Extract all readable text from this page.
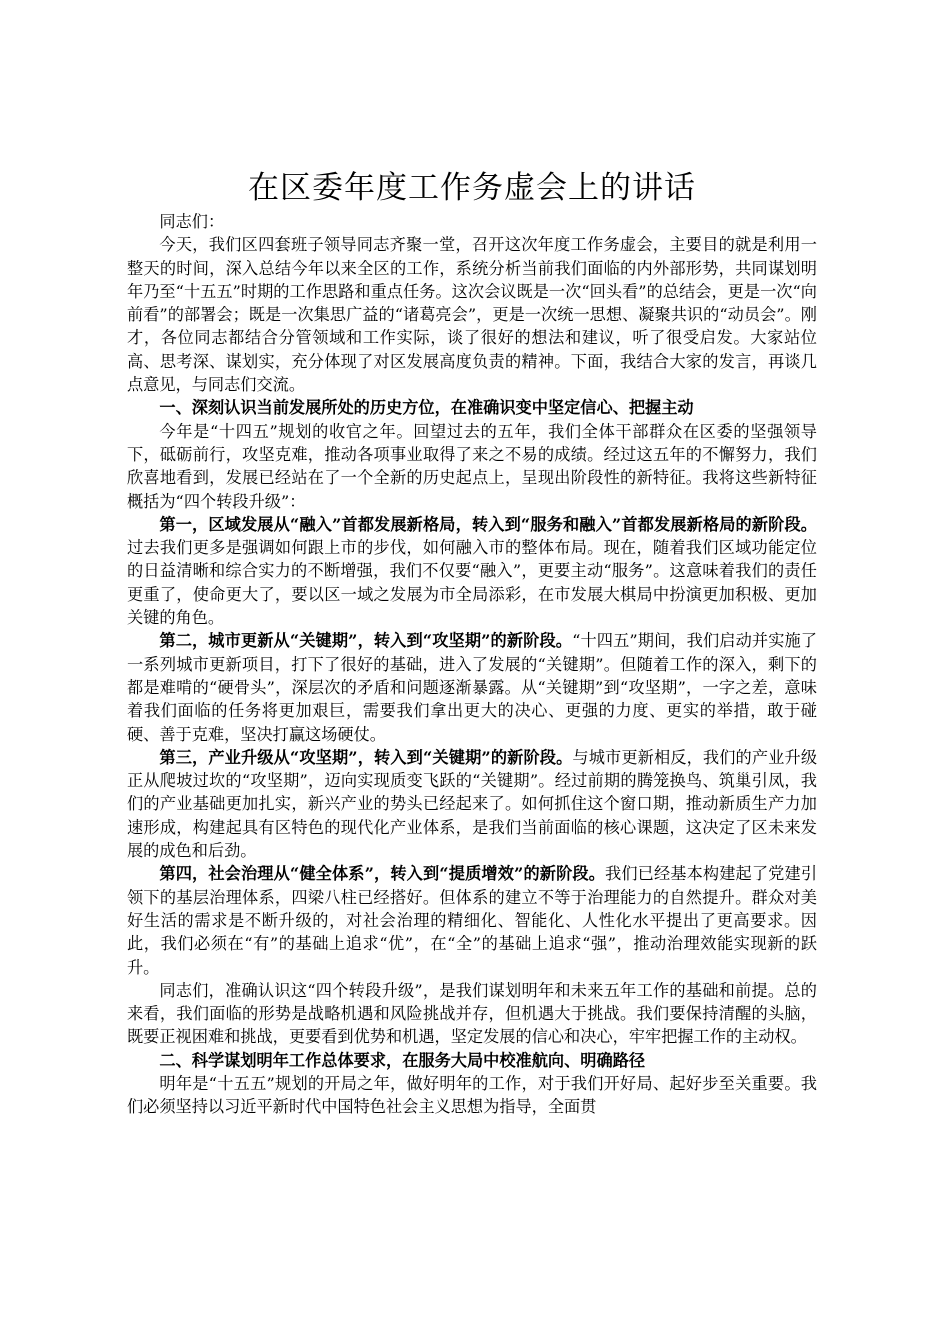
在区委年度工作务虚会上的讲话

同志们：

今天，我们区四套班子领导同志齐聚一堂，召开这次年度工作务虚会，主要目的就是利用一整天的时间，深入总结今年以来全区的工作，系统分析当前我们面临的内外部形势，共同谋划明年乃至“十五五”时期的工作思路和重点任务。这次会议既是一次“回头看”的总结会，更是一次“向前看”的部署会；既是一次集思广益的“诸葛亮会”，更是一次统一思想、凝聚共识的“动员会”。刚才，各位同志都结合分管领域和工作实际，谈了很好的想法和建议，听了很受启发。大家站位高、思考深、谋划实，充分体现了对区发展高度负责的精神。下面，我结合大家的发言，再谈几点意见，与同志们交流。

一、深刻认识当前发展所处的历史方位，在准确识变中坚定信心、把握主动

今年是“十四五”规划的收官之年。回望过去的五年，我们全体干部群众在区委的坚强领导下，砥砺前行，攻坚克难，推动各项事业取得了来之不易的成绩。经过这五年的不懈努力，我们欣喜地看到，发展已经站在了一个全新的历史起点上，呈现出阶段性的新特征。我将这些新特征概括为“四个转段升级”：

第一，区域发展从“融入”首都发展新格局，转入到“服务和融入”首都发展新格局的新阶段。过去我们更多是强调如何跟上市的步伐，如何融入市的整体布局。现在，随着我们区域功能定位的日益清晰和综合实力的不断增强，我们不仅要“融入”，更要主动“服务”。这意味着我们的责任更重了，使命更大了，要以区一域之发展为市全局添彩，在市发展大棋局中扮演更加积极、更加关键的角色。

第二，城市更新从“关键期”，转入到“攻坚期”的新阶段。“十四五”期间，我们启动并实施了一系列城市更新项目，打下了很好的基础，进入了发展的“关键期”。但随着工作的深入，剩下的都是难啃的“硬骨头”，深层次的矛盾和问题逐渐暴露。从“关键期”到“攻坚期”，一字之差，意味着我们面临的任务将更加艰巨，需要我们拿出更大的决心、更强的力度、更实的举措，敢于碰硬、善于克难，坚决打赢这场硬仗。

第三，产业升级从“攻坚期”，转入到“关键期”的新阶段。与城市更新相反，我们的产业升级正从爬坡过坎的“攻坚期”，迈向实现质变飞跃的“关键期”。经过前期的腾笼换鸟、筑巢引凤，我们的产业基础更加扎实，新兴产业的势头已经起来了。如何抓住这个窗口期，推动新质生产力加速形成，构建起具有区特色的现代化产业体系，是我们当前面临的核心课题，这决定了区未来发展的成色和后劲。

第四，社会治理从“健全体系”，转入到“提质增效”的新阶段。我们已经基本构建起了党建引领下的基层治理体系，四梁八柱已经搭好。但体系的建立不等于治理能力的自然提升。群众对美好生活的需求是不断升级的，对社会治理的精细化、智能化、人性化水平提出了更高要求。因此，我们必须在“有”的基础上追求“优”，在“全”的基础上追求“强”，推动治理效能实现新的跃升。

同志们，准确认识这“四个转段升级”，是我们谋划明年和未来五年工作的基础和前提。总的来看，我们面临的形势是战略机遇和风险挑战并存，但机遇大于挑战。我们要保持清醒的头脑，既要正视困难和挑战，更要看到优势和机遇，坚定发展的信心和决心，牢牢把握工作的主动权。

二、科学谋划明年工作总体要求，在服务大局中校准航向、明确路径

明年是“十五五”规划的开局之年，做好明年的工作，对于我们开好局、起好步至关重要。我们必须坚持以习近平新时代中国特色社会主义思想为指导，全面贯
